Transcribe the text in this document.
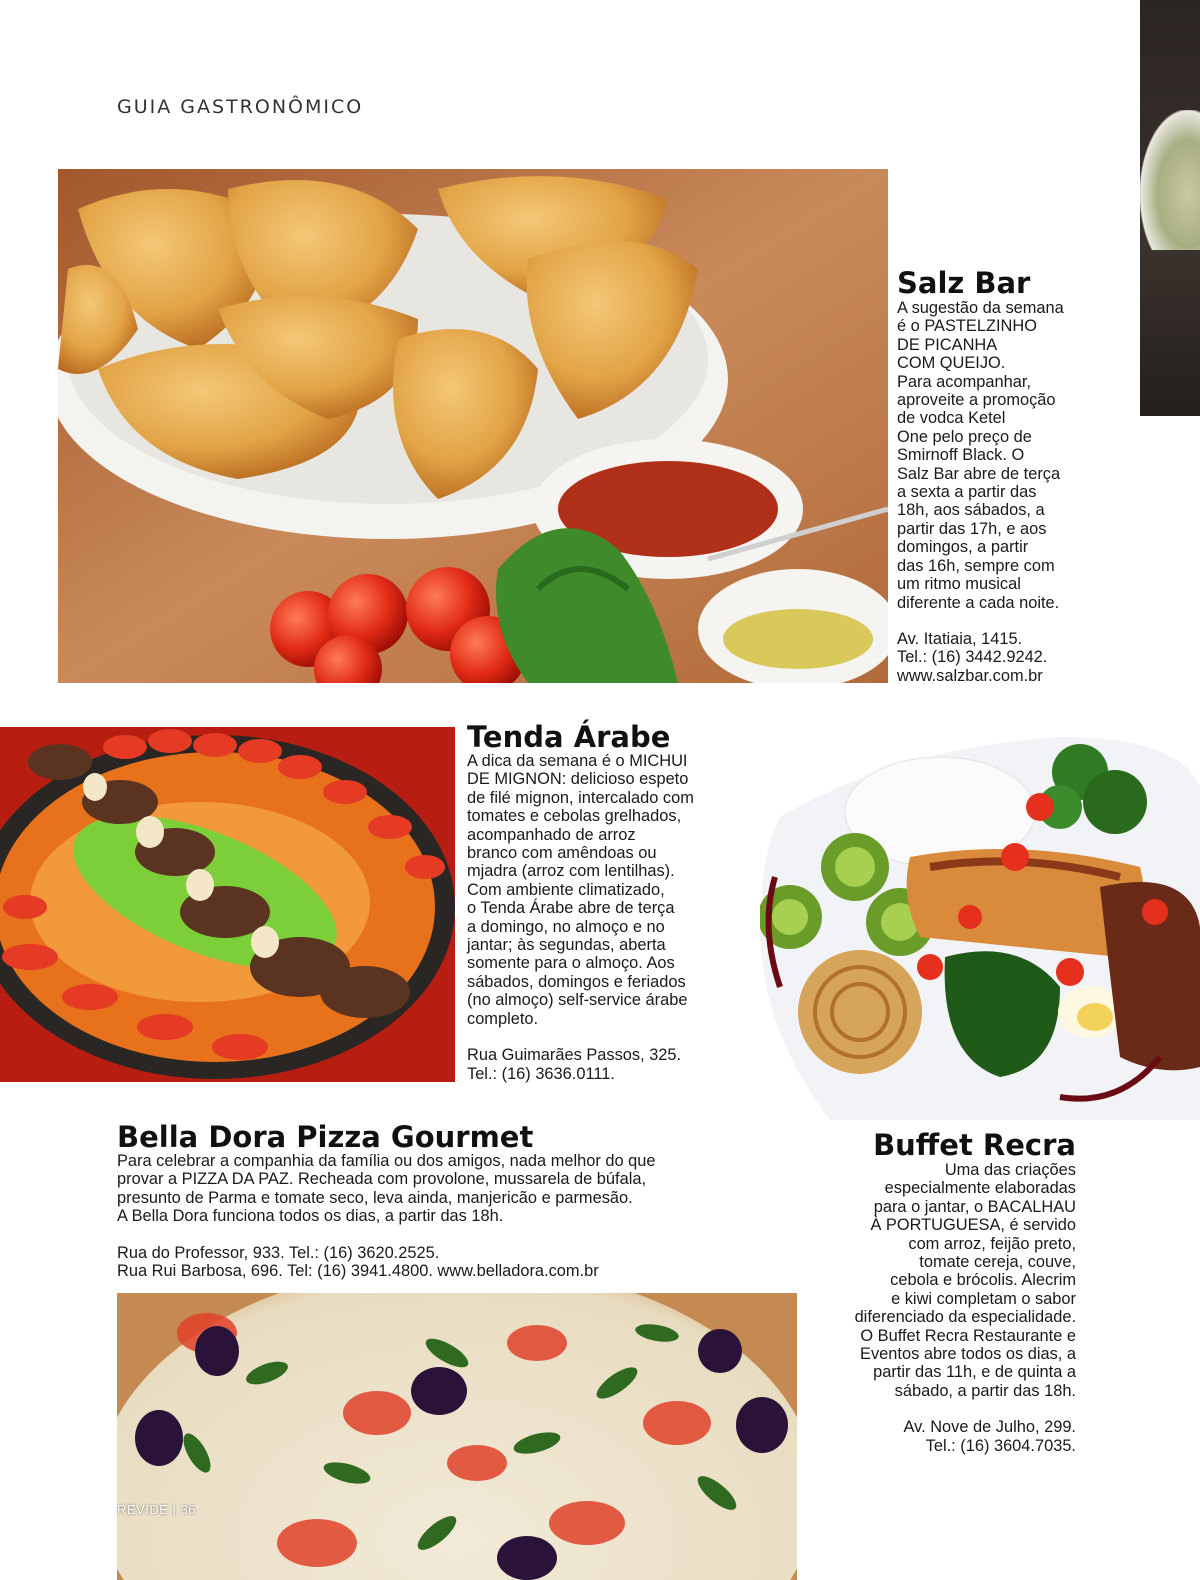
GUIA GASTRONÔMICO
Salz Bar

A sugestão da semana

é o PASTELZINHO

DE PICANHA

COM QUEIJO.

Para acompanhar,

aproveite a promoção

de vodca Ketel

One pelo preço de

Smirnoff Black. O

Salz Bar abre de terça

a sexta a partir das

18h, aos sábados, a

partir das 17h, e aos

domingos, a partir

das 16h, sempre com

um ritmo musical

diferente a cada noite.

Av. Itatiaia, 1415.

Tel.: (16) 3442.9242.

www.salzbar.com.br

Tenda Árabe

A dica da semana é o MICHUI

DE MIGNON: delicioso espeto

de filé mignon, intercalado com

tomates e cebolas grelhados,

acompanhado de arroz

branco com amêndoas ou

mjadra (arroz com lentilhas).

Com ambiente climatizado,

o Tenda Árabe abre de terça

a domingo, no almoço e no

jantar; às segundas, aberta

somente para o almoço. Aos

sábados, domingos e feriados

(no almoço) self-service árabe

completo.

Rua Guimarães Passos, 325.

Tel.: (16) 3636.0111.

Bella Dora Pizza Gourmet

Para celebrar a companhia da família ou dos amigos, nada melhor do que

provar a PIZZA DA PAZ. Recheada com provolone, mussarela de búfala,

presunto de Parma e tomate seco, leva ainda, manjericão e parmesão.

A Bella Dora funciona todos os dias, a partir das 18h.

Rua do Professor, 933. Tel.: (16) 3620.2525.

Rua Rui Barbosa, 696. Tel: (16) 3941.4800. www.belladora.com.br

Buffet Recra

Uma das criações

especialmente elaboradas

para o jantar, o BACALHAU

À PORTUGUESA, é servido

com arroz, feijão preto,

tomate cereja, couve,

cebola e brócolis. Alecrim

e kiwi completam o sabor

diferenciado da especialidade.

O Buffet Recra Restaurante e

Eventos abre todos os dias, a

partir das 11h, e de quinta a

sábado, a partir das 18h.

Av. Nove de Julho, 299.

Tel.: (16) 3604.7035.

REVIDE | 36
